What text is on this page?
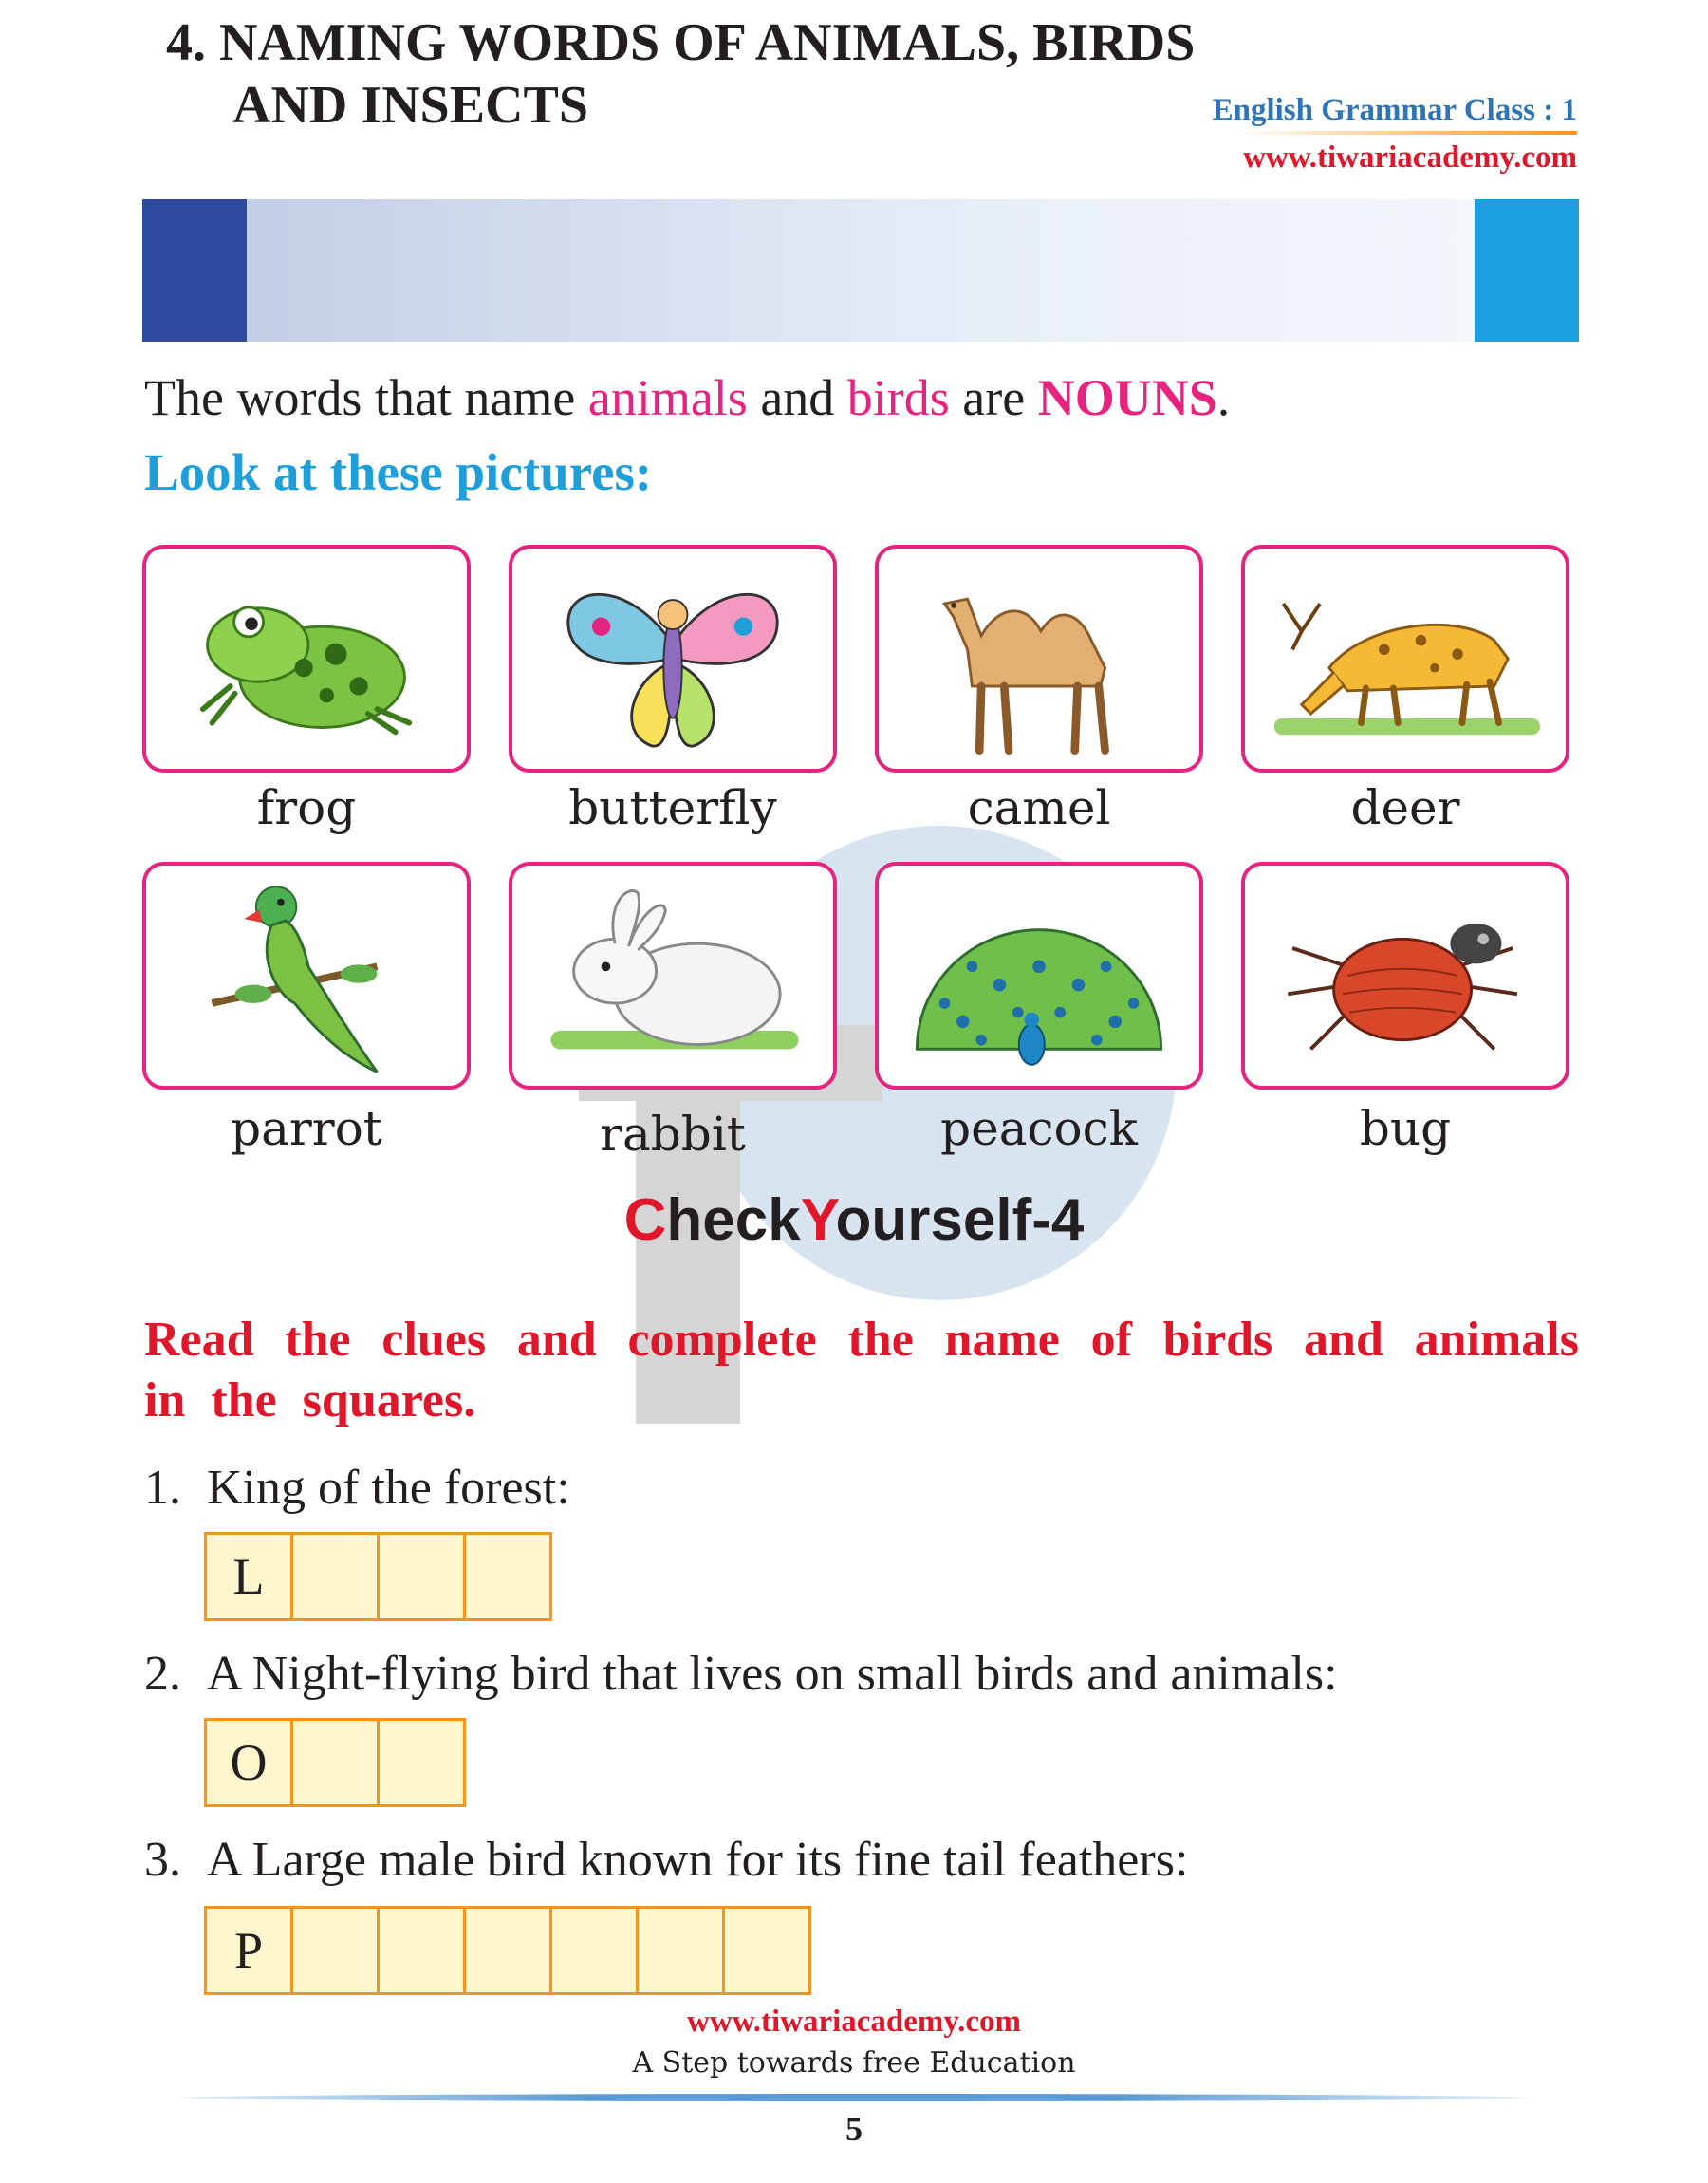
English Grammar Class : 1
www.tiwariacademy.com
4. NAMING WORDS OF ANIMALS, BIRDS
AND INSECTS
The words that name animals and birds are NOUNS.
Look at these pictures:
frog	butterfly	camel	deer
parrot	rabbit	peacock	bug
CheckYourself-4
Read the clues and complete the name of birds and animals in the squares.
1. King of the forest:
L
2. A Night-flying bird that lives on small birds and animals:
O
3. A Large male bird known for its fine tail feathers:
P
www.tiwariacademy.com
A Step towards free Education
5
